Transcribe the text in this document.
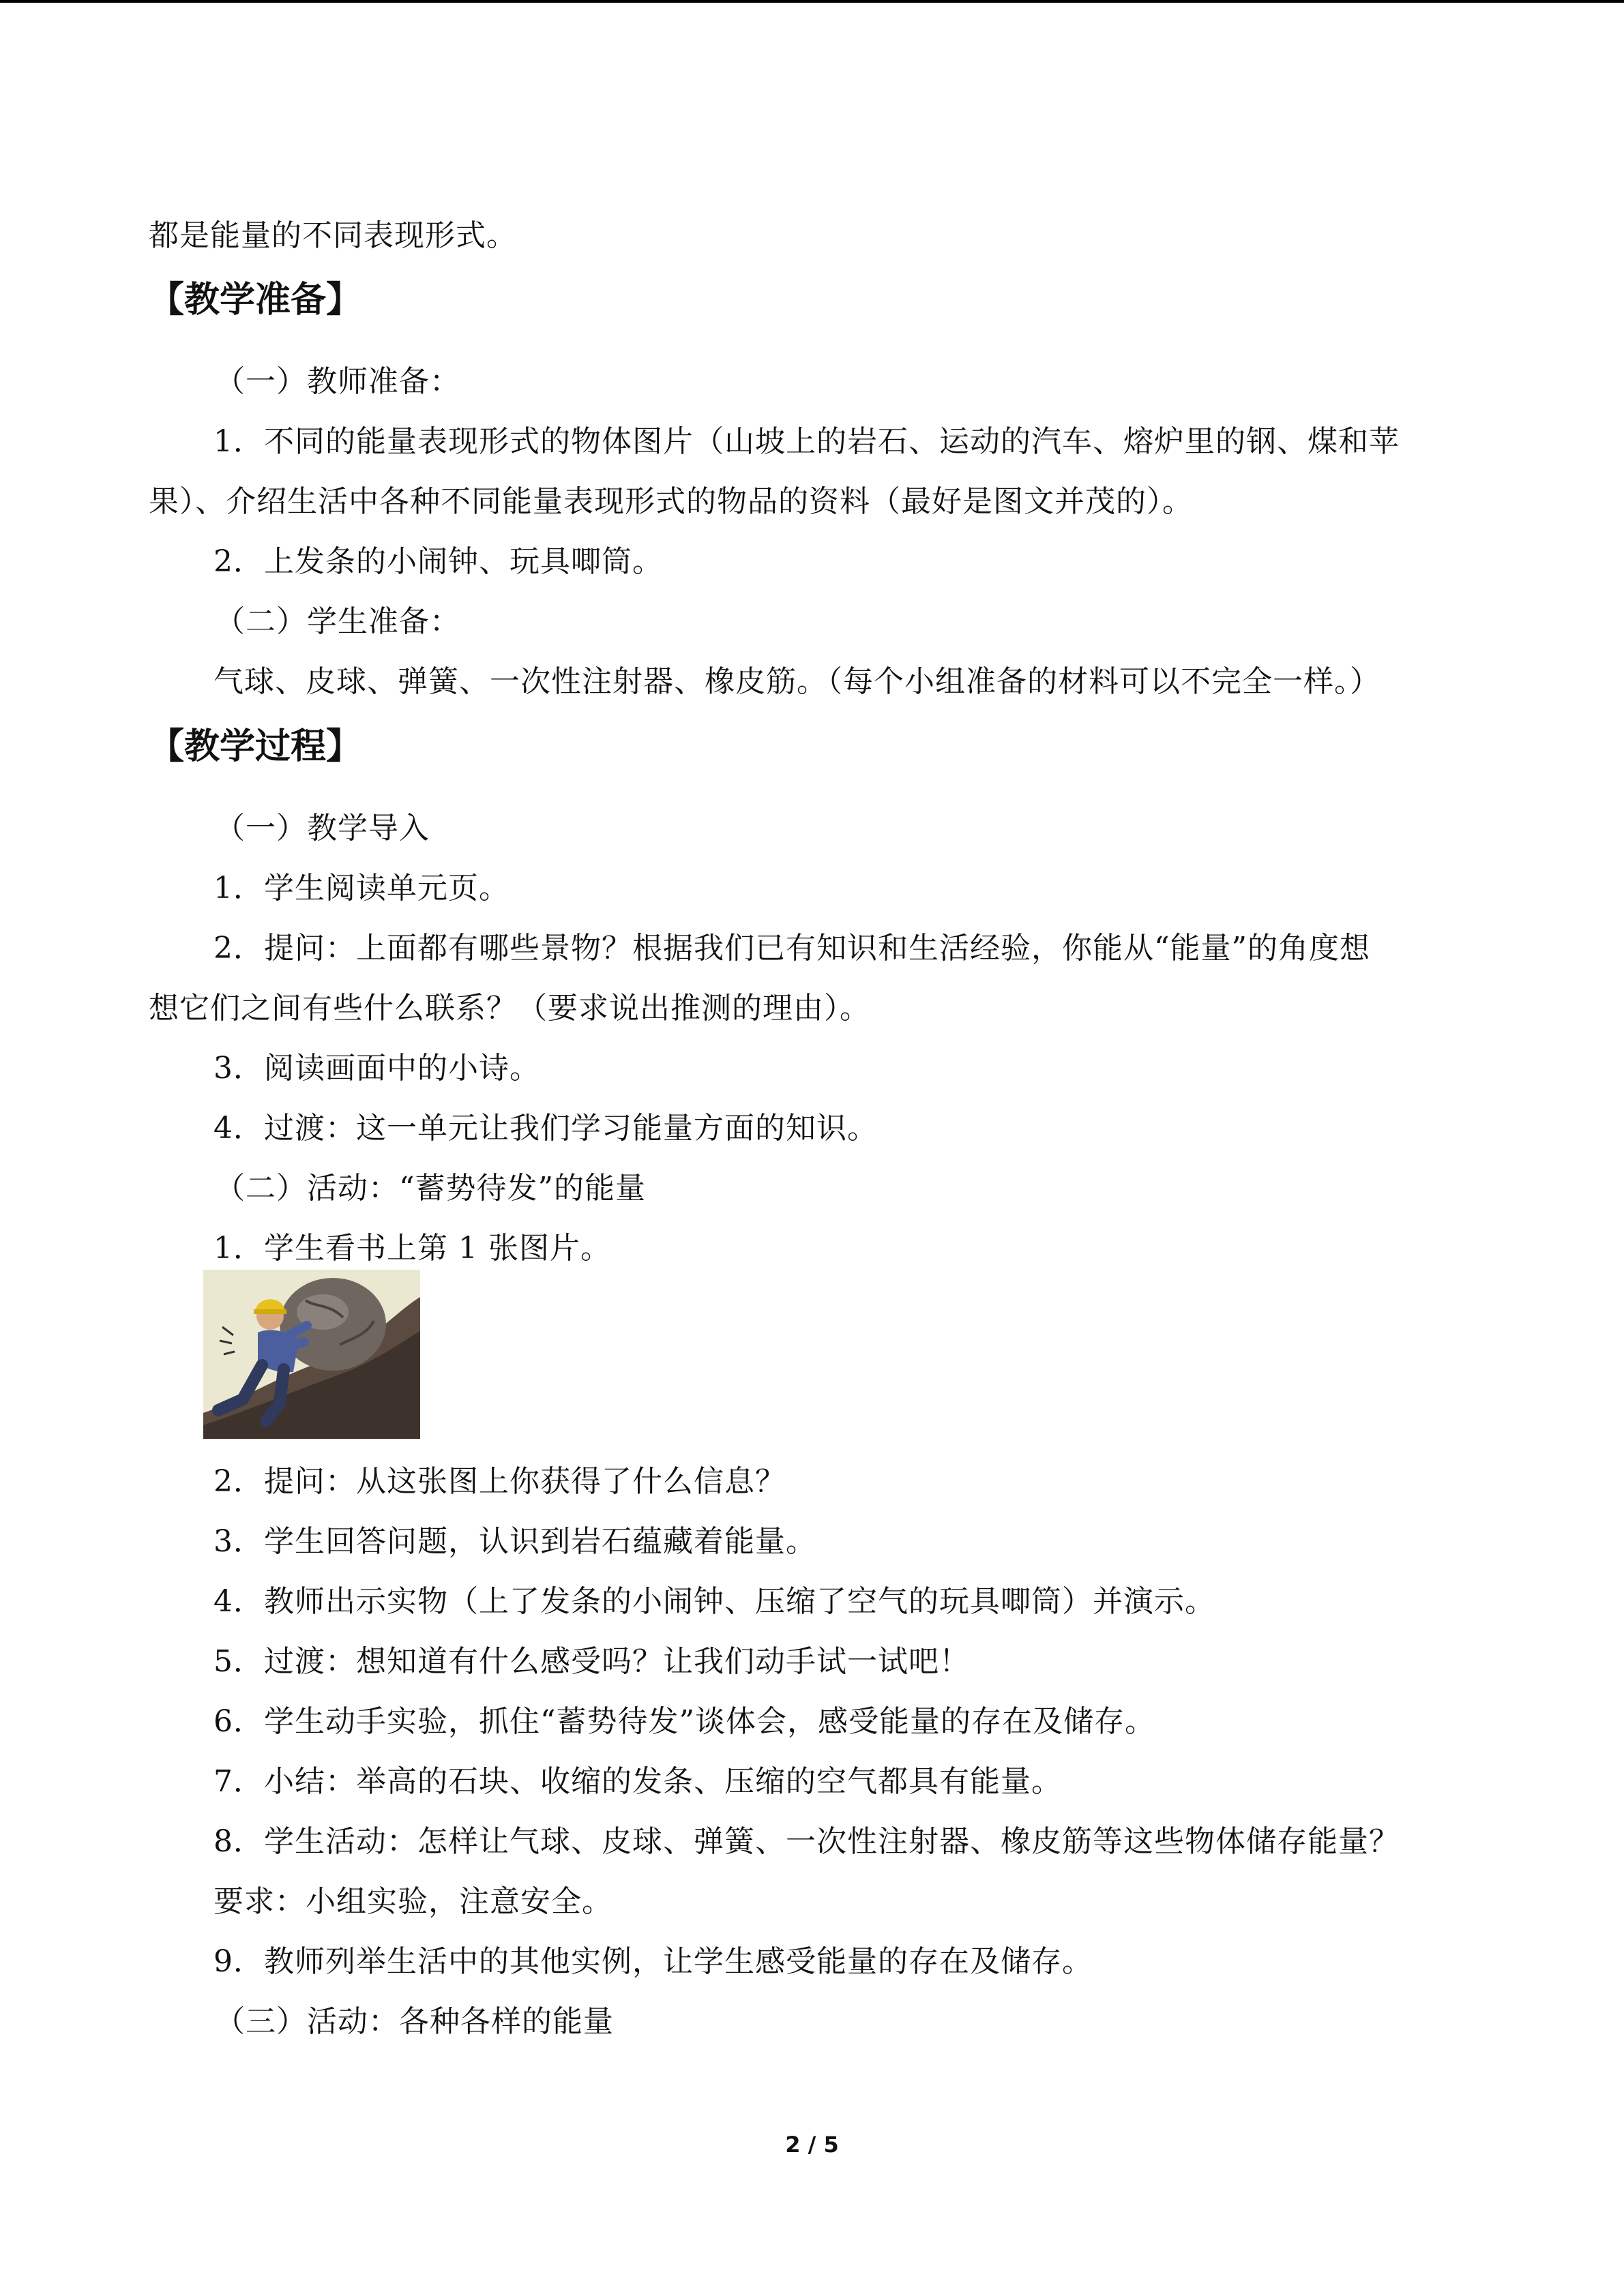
都是能量的不同表现形式。
【教学准备】
（一）教师准备：
1．不同的能量表现形式的物体图片（山坡上的岩石、运动的汽车、熔炉里的钢、煤和苹
果）、介绍生活中各种不同能量表现形式的物品的资料（最好是图文并茂的）。
2．上发条的小闹钟、玩具唧筒。
（二）学生准备：
气球、皮球、弹簧、一次性注射器、橡皮筋。（每个小组准备的材料可以不完全一样。）
【教学过程】
（一）教学导入
1．学生阅读单元页。
2．提问：上面都有哪些景物？根据我们已有知识和生活经验，你能从“能量”的角度想
想它们之间有些什么联系？（要求说出推测的理由）。
3．阅读画面中的小诗。
4．过渡：这一单元让我们学习能量方面的知识。
（二）活动：“蓄势待发”的能量
1．学生看书上第 1 张图片。
2．提问：从这张图上你获得了什么信息？
3．学生回答问题，认识到岩石蕴藏着能量。
4．教师出示实物（上了发条的小闹钟、压缩了空气的玩具唧筒）并演示。
5．过渡：想知道有什么感受吗？让我们动手试一试吧！
6．学生动手实验，抓住“蓄势待发”谈体会，感受能量的存在及储存。
7．小结：举高的石块、收缩的发条、压缩的空气都具有能量。
8．学生活动：怎样让气球、皮球、弹簧、一次性注射器、橡皮筋等这些物体储存能量？
要求：小组实验，注意安全。
9．教师列举生活中的其他实例，让学生感受能量的存在及储存。
（三）活动：各种各样的能量
2 / 5
